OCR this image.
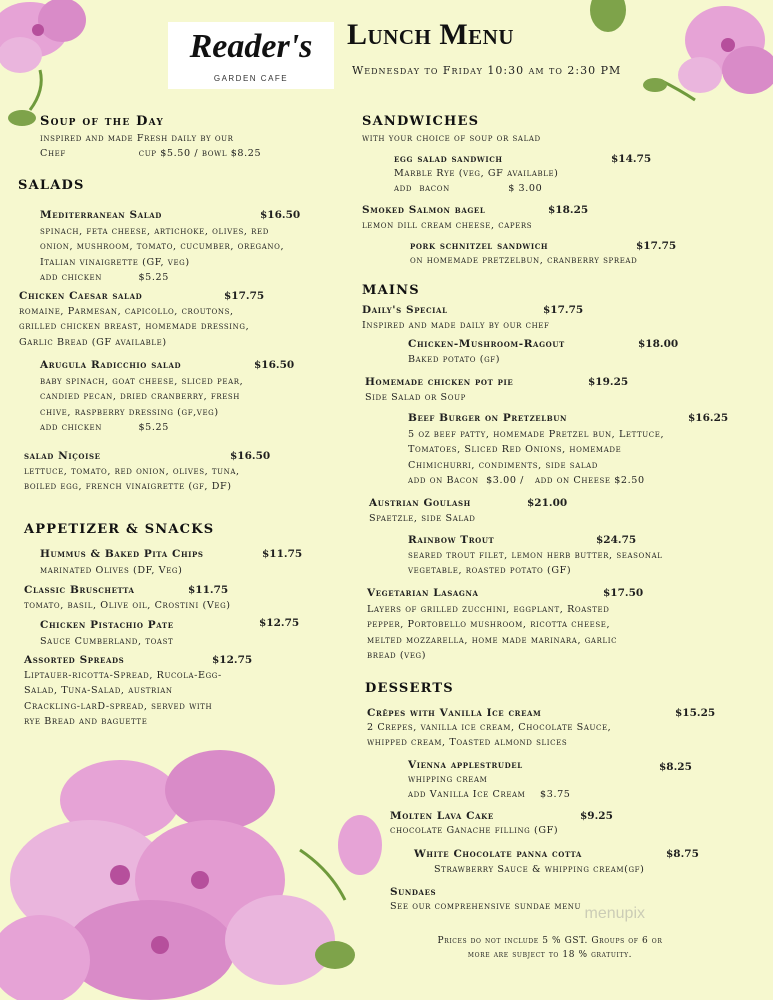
Reader's
GARDEN CAFE
Lunch Menu
Wednesday to Friday 10:30 am to 2:30 PM
Soup of the Day
inspired and made Fresh daily by our
Chef                    cup $5.50 / bowl $8.25
SALADS
Mediterranean Salad	$16.50
spinach, feta cheese, artichoke, olives, red
onion, mushroom, tomato, cucumber, oregano,
Italian vinaigrette (GF, veg)
add chicken          $5.25
Chicken Caesar salad	$17.75
romaine, Parmesan, capicollo, croutons,
grilled chicken breast, homemade dressing,
Garlic Bread (GF available)
Arugula Radicchio salad	$16.50
baby spinach, goat cheese, sliced pear,
candied pecan, dried cranberry, fresh
chive, raspberry dressing (gf,veg)
add chicken          $5.25
salad Niçoise	$16.50
lettuce, tomato, red onion, olives, tuna,
boiled egg, french vinaigrette (gf, DF)
APPETIZER & SNACKS
Hummus & Baked Pita Chips	$11.75
marinated Olives (DF, Veg)
Classic Bruschetta	$11.75
tomato, basil, Olive oil, Crostini (Veg)
Chicken Pistachio Pate	$12.75
Sauce Cumberland, toast
Assorted Spreads	$12.75
Liptauer-ricotta-Spread, Rucola-Egg-
Salad, Tuna-Salad, austrian
Crackling-larD-spread, served with
rye Bread and baguette
SANDWICHES
with your choice of soup or salad
egg salad sandwich	$14.75
Marble Rye (veg, GF available)
add  bacon                $ 3.00
Smoked Salmon bagel	$18.25
lemon dill cream cheese, capers
pork schnitzel sandwich	$17.75
on homemade pretzelbun, cranberry spread
MAINS
Daily's Special	$17.75
Inspired and made daily by our chef
Chicken-Mushroom-Ragout	$18.00
Baked potato (gf)
Homemade chicken pot pie	$19.25
Side Salad or Soup
Beef Burger on Pretzelbun	$16.25
5 oz beef patty, homemade Pretzel bun, Lettuce,
Tomatoes, Sliced Red Onions, homemade
Chimichurri, condiments, side salad
add on Bacon  $3.00 /   add on Cheese $2.50
Austrian Goulash	$21.00
Spaetzle, side Salad
Rainbow Trout	$24.75
seared trout filet, lemon herb butter, seasonal
vegetable, roasted potato (GF)
Vegetarian Lasagna	$17.50
Layers of grilled zucchini, eggplant, Roasted
pepper, Portobello mushroom, ricotta cheese,
melted mozzarella, home made marinara, garlic
bread (veg)
DESSERTS
Crêpes with Vanilla Ice cream	$15.25
2 Crepes, vanilla ice cream, Chocolate Sauce,
whipped cream, Toasted almond slices
Vienna applestrudel	$8.25
whipping cream
add Vanilla Ice Cream    $3.75
Molten Lava Cake	$9.25
chocolate Ganache filling (GF)
White Chocolate panna cotta	$8.75
Strawberry Sauce & whipping cream(gf)
Sundaes
See our comprehensive sundae menu
Prices do not include 5 % GST. Groups of 6 or
more are subject to 18 % gratuity.
menupix
